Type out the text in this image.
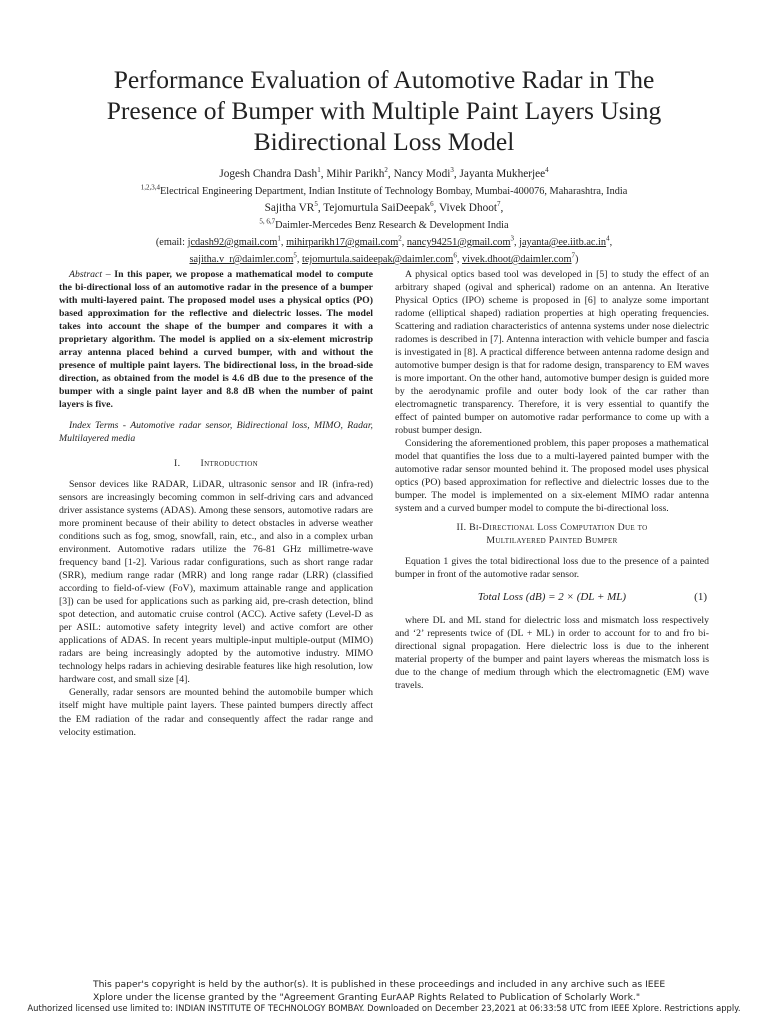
Performance Evaluation of Automotive Radar in The
Presence of Bumper with Multiple Paint Layers Using
Bidirectional Loss Model
Jogesh Chandra Dash$^1$, Mihir Parikh$^2$, Nancy Modi$^3$, Jayanta Mukherjee$^4$
$^{1,2,3,4}$Electrical Engineering Department, Indian Institute of Technology Bombay, Mumbai-400076, Maharashtra, India
Sajitha $VR^5$, Tejomurtula SaiDeepak$^6$, Vivek Dhoot$^7$,
$^{5, 6,7}$Daimler-Mercedes Benz Research & Development India
(email: jcdash92@gmail.com$^1$, mihirparikh17@gmail.com$^2$, nancy94251@gmail.com$^3$, $jayanta@ee.iitb.ac.in^4$,
sajitha.v_r@daimler.com$^5$, tejomurtula.saideepak@daimler.com$^6$, vivek.dhoot@daimler.com$^7$)

Abstract – In this paper, we propose a mathematical model to compute the bi-directional loss of an automotive radar in the presence of a bumper with multi-layered paint. The proposed model uses a physical optics (PO) based approximation for the reflective and dielectric losses. The model takes into account the shape of the bumper and compares it with a proprietary algorithm. The model is applied on a six-element microstrip array antenna placed behind a curved bumper, with and without the presence of multiple paint layers. The bidirectional loss, in the broad-side direction, as obtained from the model is 4.6 dB due to the presence of the bumper with a single paint layer and 8.8 dB when the number of paint layers is five.

Index Terms - Automotive radar sensor, Bidirectional loss, MIMO, Radar, Multilayered media

I.  Introduction

Sensor devices like RADAR, LiDAR, ultrasonic sensor and IR (infra-red) sensors are increasingly becoming common in self-driving cars and advanced driver assistance systems (ADAS). Among these sensors, automotive radars are more prominent because of their ability to detect obstacles in adverse weather conditions such as fog, smog, snowfall, rain, etc., and also in a complex urban environment. Automotive radars utilize the 76-81 GHz millimetre-wave frequency band [1-2]. Various radar configurations, such as short range radar (SRR), medium range radar (MRR) and long range radar (LRR) (classified according to field-of-view (FoV), maximum attainable range and application [3]) can be used for applications such as parking aid, pre-crash detection, blind spot detection, and automatic cruise control (ACC). Active safety (Level-D as per ASIL: automotive safety integrity level) and active comfort are other applications of ADAS. In recent years multiple-input multiple-output (MIMO) radars are being increasingly adopted by the automotive industry. MIMO technology helps radars in achieving desirable features like high resolution, low hardware cost, and small size [4].

Generally, radar sensors are mounted behind the automobile bumper which itself might have multiple paint layers. These painted bumpers directly affect the EM radiation of the radar and consequently affect the radar range and velocity estimation.

A physical optics based tool was developed in [5] to study the effect of an arbitrary shaped (ogival and spherical) radome on an antenna. An Iterative Physical Optics (IPO) scheme is proposed in [6] to analyze some important radome (elliptical shaped) radiation properties at high operating frequencies. Scattering and radiation characteristics of antenna systems under nose dielectric radomes is described in [7]. Antenna interaction with vehicle bumper and fascia is investigated in [8]. A practical difference between antenna radome design and automotive bumper design is that for radome design, transparency to EM waves is more important. On the other hand, automotive bumper design is guided more by the aerodynamic profile and outer body look of the car rather than electromagnetic transparency. Therefore, it is very essential to quantify the effect of painted bumper on automotive radar performance to come up with a robust bumper design.

Considering the aforementioned problem, this paper proposes a mathematical model that quantifies the loss due to a multi-layered painted bumper with the automotive radar sensor mounted behind it. The proposed model uses physical optics (PO) based approximation for reflective and dielectric losses due to the bumper. The model is implemented on a six-element MIMO radar antenna system and a curved bumper model to compute the bi-directional loss.

II. Bi-Directional Loss Computation Due to
Multilayered Painted Bumper

Equation 1 gives the total bidirectional loss due to the presence of a painted bumper in front of the automotive radar sensor.

Total Loss (dB) = 2 × (DL + ML)	(1)

where DL and ML stand for dielectric loss and mismatch loss respectively and ‘2’ represents twice of (DL + ML) in order to account for to and fro bi-directional signal propagation. Here dielectric loss is due to the inherent material property of the bumper and paint layers whereas the mismatch loss is due to the change of medium through which the electromagnetic (EM) wave travels.

This paper's copyright is held by the author(s). It is published in these proceedings and included in any archive such as IEEE Xplore under the license granted by the "Agreement Granting EurAAP Rights Related to Publication of Scholarly Work."
Authorized licensed use limited to: INDIAN INSTITUTE OF TECHNOLOGY BOMBAY. Downloaded on December 23,2021 at 06:33:58 UTC from IEEE Xplore. Restrictions apply.
